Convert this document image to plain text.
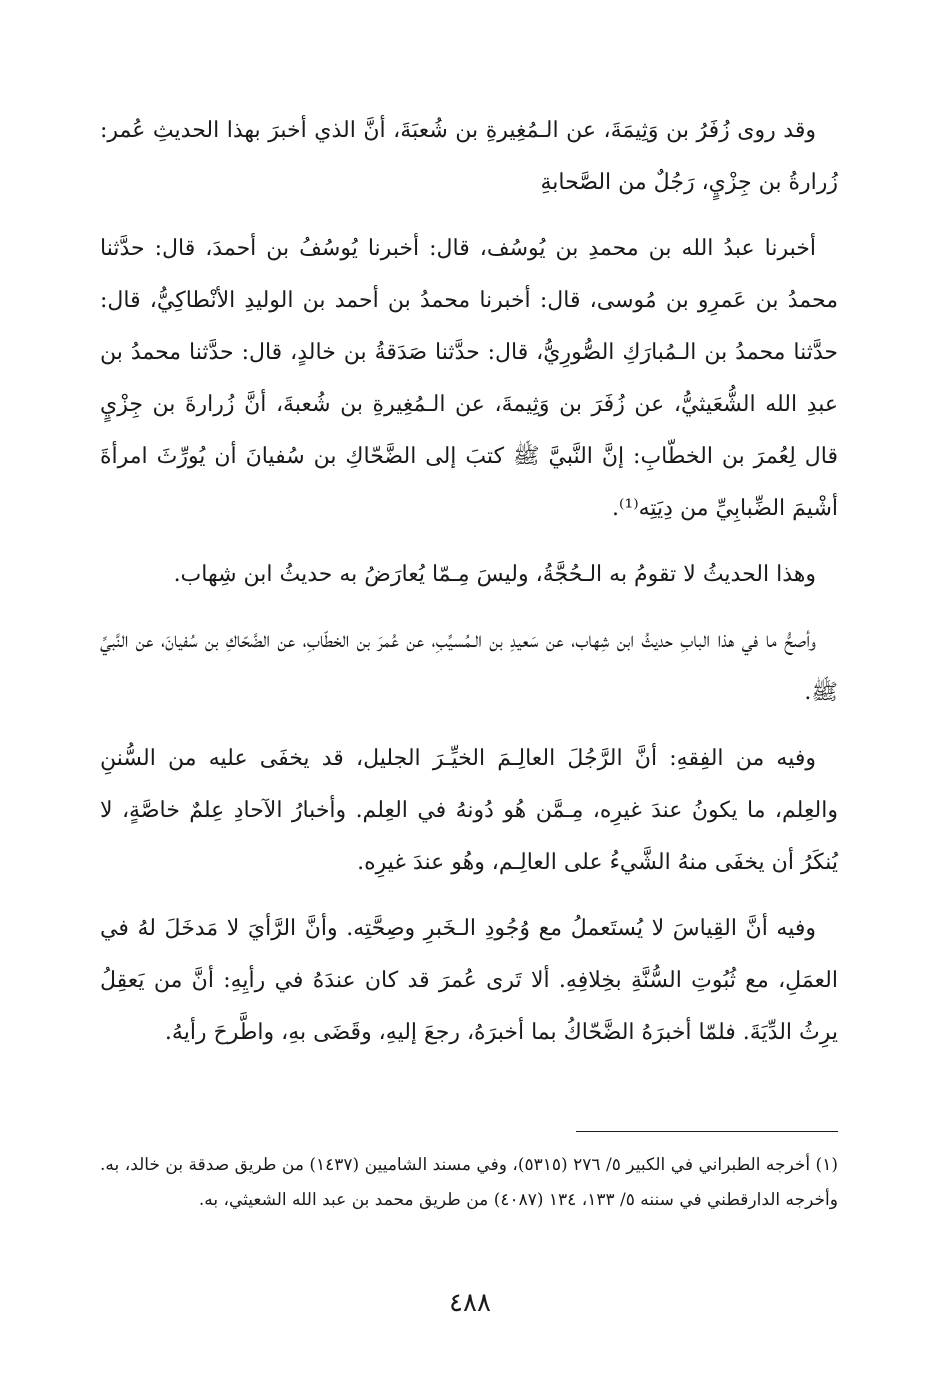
وقد روى زُفَرُ بن وَثِيمَةَ، عن الـمُغِيرةِ بن شُعبَةَ، أنَّ الذي أخبرَ بهذا الحديثِ عُمر: زُرارةُ بن جِزْيٍ، رَجُلٌ من الصَّحابةِ

أخبرنا عبدُ الله بن محمدِ بن يُوسُف، قال: أخبرنا يُوسُفُ بن أحمدَ، قال: حدَّثنا محمدُ بن عَمرِو بن مُوسى، قال: أخبرنا محمدُ بن أحمد بن الوليدِ الأنْطاكِيُّ، قال: حدَّثنا محمدُ بن الـمُبارَكِ الصُّورِيُّ، قال: حدَّثنا صَدَقةُ بن خالدٍ، قال: حدَّثنا محمدُ بن عبدِ الله الشُّعَيثيُّ، عن زُفَرَ بن وَثِيمةَ، عن الـمُغِيرةِ بن شُعبةَ، أنَّ زُرارةَ بن جِزْيٍ قال لِعُمرَ بن الخطّابِ: إنَّ النَّبيَّ ﷺ كتبَ إلى الضَّحّاكِ بن سُفيانَ أن يُورِّثَ امرأةَ أشْيمَ الضِّبابِيِّ من دِيَتِه⁽¹⁾.

وهذا الحديثُ لا تقومُ به الـحُجَّةُ، وليسَ مِـمّا يُعارَضُ به حديثُ ابن شِهاب.

وأصحُّ ما في هذا البابِ حديثُ ابن شِهاب، عن سَعيدِ بن الـمُسيِّبِ، عن عُمرَ بن الخطّابِ، عن الضَّحّاكِ بن سُفيانَ، عن النَّبيِّ ﷺ.

وفيه من الفِقهِ: أنَّ الرَّجُلَ العالِـمَ الخيِّـرَ الجليل، قد يخفَى عليه من السُّننِ والعِلم، ما يكونُ عندَ غيرِه، مِـمَّن هُو دُونهُ في العِلم. وأخبارُ الآحادِ عِلمٌ خاصَّةٍ، لا يُنكَرُ أن يخفَى منهُ الشَّيءُ على العالِـم، وهُو عندَ غيرِه.

وفيه أنَّ القِياسَ لا يُستَعملُ مع وُجُودِ الـخَبرِ وصِحَّتِه. وأنَّ الرَّأيَ لا مَدخَلَ لهُ في العمَلِ، مع ثُبُوتِ السُّنَّةِ بخِلافِهِ. ألا تَرى عُمرَ قد كان عندَهُ في رأيِهِ: أنَّ من يَعقِلُ يرِثُ الدِّيَةَ. فلمّا أخبرَهُ الضَّحّاكُ بما أخبرَهُ، رجعَ إليهِ، وقَضَى بهِ، واطَّرحَ رأيهُ.

(١) أخرجه الطبراني في الكبير ٥/ ٢٧٦ (٥٣١٥)، وفي مسند الشاميين (١٤٣٧) من طريق صدقة بن خالد، به. وأخرجه الدارقطني في سننه ٥/ ١٣٣، ١٣٤ (٤٠٨٧) من طريق محمد بن عبد الله الشعيثي، به.
٤٨٨
